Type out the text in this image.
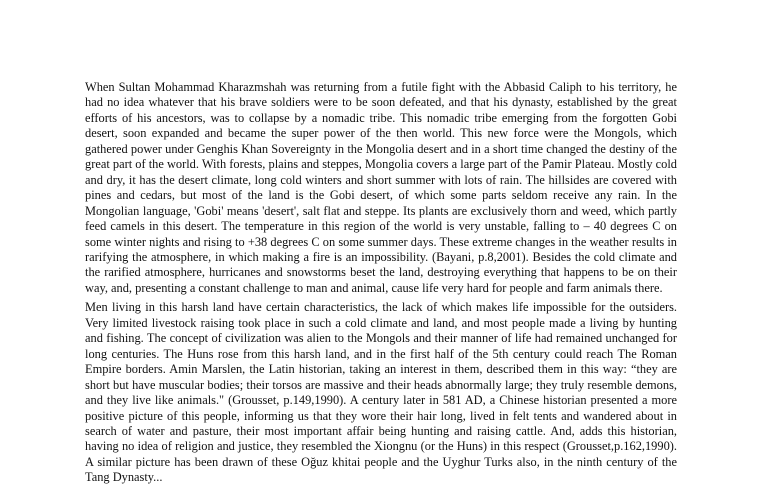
When Sultan Mohammad Kharazmshah was returning from a futile fight with the Abbasid Caliph to his territory, he had no idea whatever that his brave soldiers were to be soon defeated, and that his dynasty, established by the great efforts of his ancestors, was to collapse by a nomadic tribe. This nomadic tribe emerging from the forgotten Gobi desert, soon expanded and became the super power of the then world. This new force were the Mongols, which gathered power under Genghis Khan Sovereignty in the Mongolia desert and in a short time changed the destiny of the great part of the world. With forests, plains and steppes, Mongolia covers a large part of the Pamir Plateau. Mostly cold and dry, it has the desert climate, long cold winters and short summer with lots of rain. The hillsides are covered with pines and cedars, but most of the land is the Gobi desert, of which some parts seldom receive any rain. In the Mongolian language, 'Gobi' means 'desert', salt flat and steppe. Its plants are exclusively thorn and weed, which partly feed camels in this desert. The temperature in this region of the world is very unstable, falling to – 40 degrees C on some winter nights and rising to +38 degrees C on some summer days. These extreme changes in the weather results in rarifying the atmosphere, in which making a fire is an impossibility. (Bayani, p.8,2001). Besides the cold climate and the rarified atmosphere, hurricanes and snowstorms beset the land, destroying everything that happens to be on their way, and, presenting a constant challenge to man and animal, cause life very hard for people and farm animals there.

Men living in this harsh land have certain characteristics, the lack of which makes life impossible for the outsiders. Very limited livestock raising took place in such a cold climate and land, and most people made a living by hunting and fishing. The concept of civilization was alien to the Mongols and their manner of life had remained unchanged for long centuries. The Huns rose from this harsh land, and in the first half of the 5th century could reach The Roman Empire borders. Amin Marslen, the Latin historian, taking an interest in them, described them in this way: “they are short but have muscular bodies; their torsos are massive and their heads abnormally large; they truly resemble demons, and they live like animals." (Grousset, p.149,1990). A century later in 581 AD, a Chinese historian presented a more positive picture of this people, informing us that they wore their hair long, lived in felt tents and wandered about in search of water and pasture, their most important affair being hunting and raising cattle. And, adds this historian, having no idea of religion and justice, they resembled the Xiongnu (or the Huns) in this respect (Grousset,p.162,1990). A similar picture has been drawn of these Oğuz khitai people and the Uyghur Turks also, in the ninth century of the Tang Dynasty...
